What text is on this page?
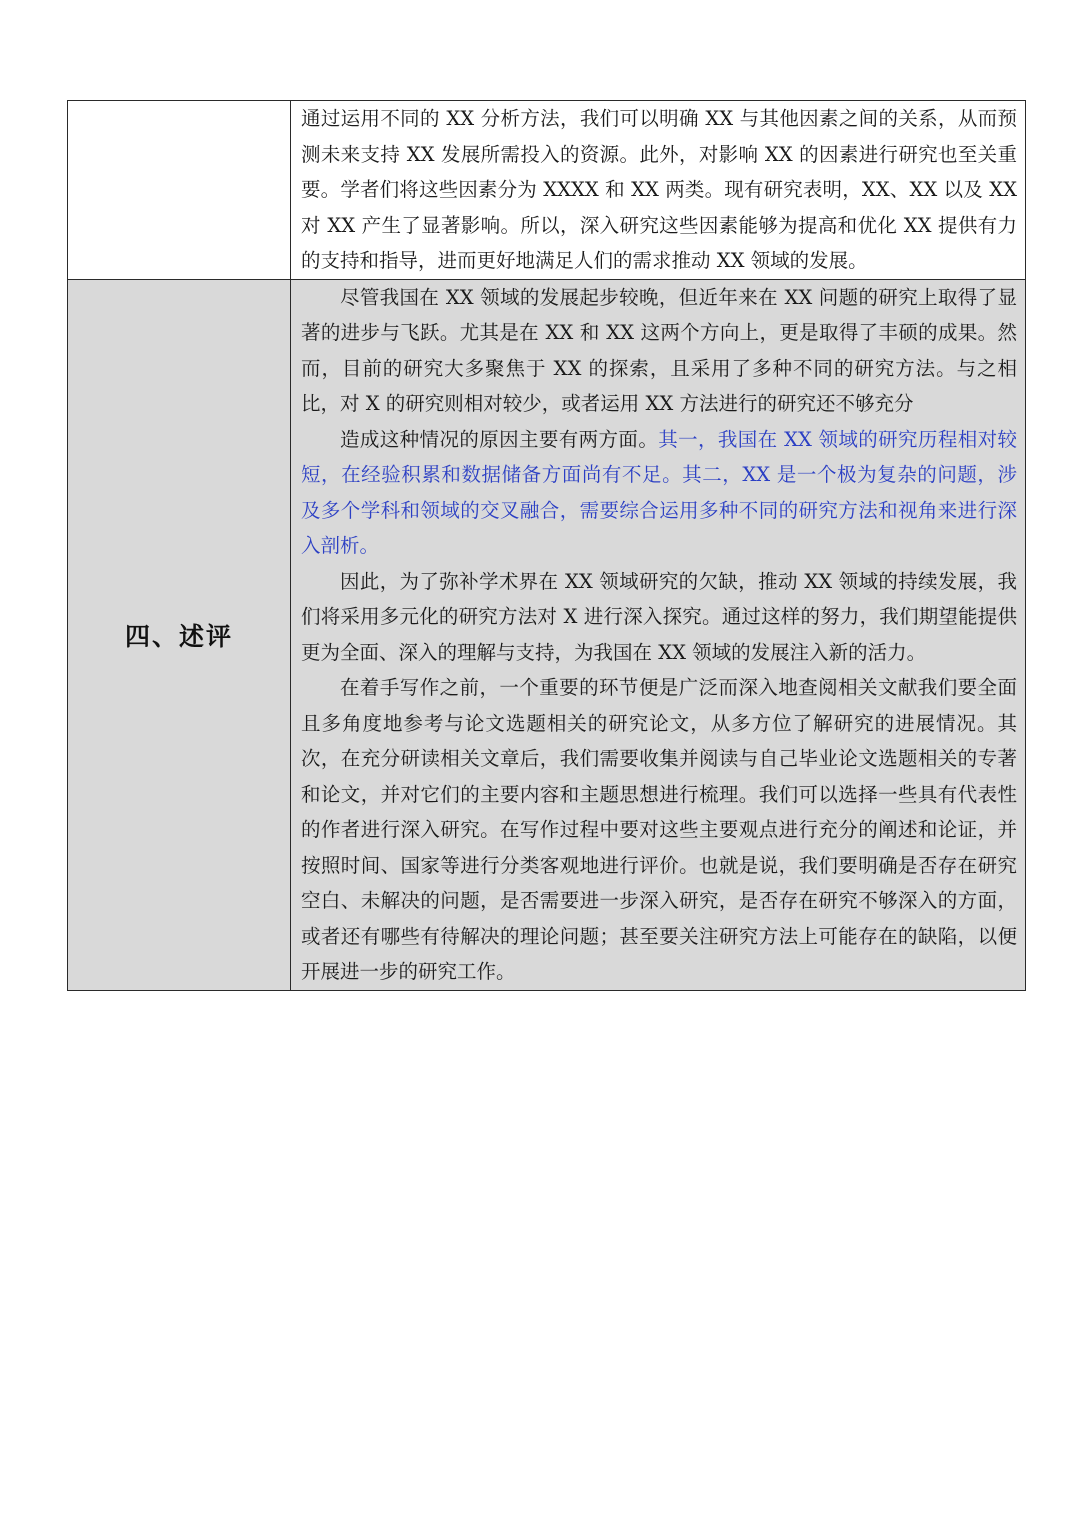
	通过运用不同的 XX 分析方法，我们可以明确 XX 与其他因素之间的关系，从而预测未来支持 XX 发展所需投入的资源。此外，对影响 XX 的因素进行研究也至关重要。学者们将这些因素分为 XXXX 和 XX 两类。现有研究表明，XX、XX 以及 XX 对 XX 产生了显著影响。所以，深入研究这些因素能够为提高和优化 XX 提供有力的支持和指导，进而更好地满足人们的需求推动 XX 领域的发展。

四、述评	尽管我国在 XX 领域的发展起步较晚，但近年来在 XX 问题的研究上取得了显著的进步与飞跃。尤其是在 XX 和 XX 这两个方向上，更是取得了丰硕的成果。然而，目前的研究大多聚焦于 XX 的探索，且采用了多种不同的研究方法。与之相比，对 X 的研究则相对较少，或者运用 XX 方法进行的研究还不够充分

造成这种情况的原因主要有两方面。其一，我国在 XX 领域的研究历程相对较短，在经验积累和数据储备方面尚有不足。其二，XX 是一个极为复杂的问题，涉及多个学科和领域的交叉融合，需要综合运用多种不同的研究方法和视角来进行深入剖析。

因此，为了弥补学术界在 XX 领域研究的欠缺，推动 XX 领域的持续发展，我们将采用多元化的研究方法对 X 进行深入探究。通过这样的努力，我们期望能提供更为全面、深入的理解与支持，为我国在 XX 领域的发展注入新的活力。

在着手写作之前，一个重要的环节便是广泛而深入地查阅相关文献我们要全面且多角度地参考与论文选题相关的研究论文，从多方位了解研究的进展情况。其次，在充分研读相关文章后，我们需要收集并阅读与自己毕业论文选题相关的专著和论文，并对它们的主要内容和主题思想进行梳理。我们可以选择一些具有代表性的作者进行深入研究。在写作过程中要对这些主要观点进行充分的阐述和论证，并按照时间、国家等进行分类客观地进行评价。也就是说，我们要明确是否存在研究空白、未解决的问题，是否需要进一步深入研究，是否存在研究不够深入的方面，或者还有哪些有待解决的理论问题；甚至要关注研究方法上可能存在的缺陷，以便开展进一步的研究工作。
